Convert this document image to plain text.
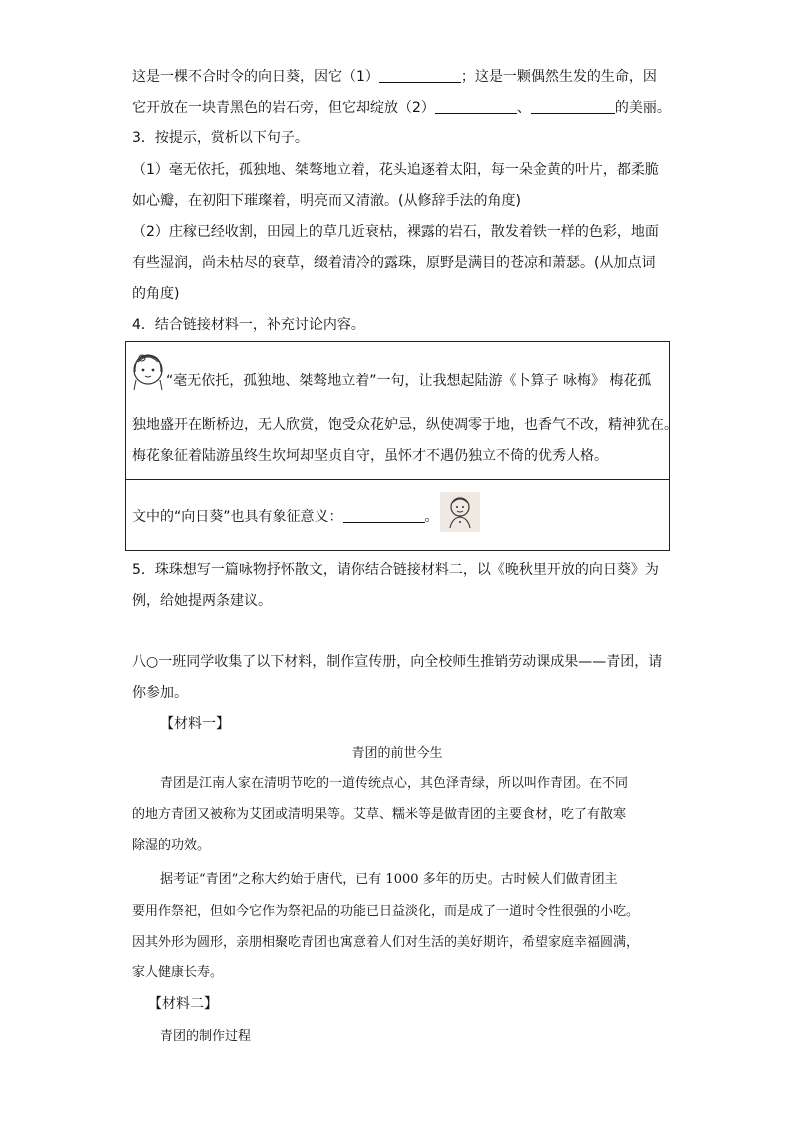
这是一棵不合时令的向日葵，因它（1）	；这是一颗偶然生发的生命，因
它开放在一块青黑色的岩石旁，但它却绽放（2）	、	的美丽。
3．按提示，赏析以下句子。
（1）毫无依托，孤独地、桀骜地立着，花头追逐着太阳，每一朵金黄的叶片，都柔脆
如心瓣，在初阳下璀璨着，明亮而又清澈。(从修辞手法的角度)
（2）庄稼已经收割，田园上的草几近衰枯，裸露的岩石，散发着铁一样的色彩，地面
有些湿润，尚未枯尽的衰草，缀着清冷的露珠，原野是满目的苍凉和萧瑟。(从加点词
的角度)
4．结合链接材料一，补充讨论内容。
“毫无依托，孤独地、桀骜地立着”一句，让我想起陆游《卜算子 咏梅》 梅花孤
独地盛开在断桥边，无人欣赏，饱受众花妒忌，纵使凋零于地，也香气不改，精神犹在。
梅花象征着陆游虽终生坎坷却坚贞自守，虽怀才不遇仍独立不倚的优秀人格。
文中的“向日葵”也具有象征意义：	。
5．珠珠想写一篇咏物抒怀散文，请你结合链接材料二，以《晚秋里开放的向日葵》为
例，给她提两条建议。
八○一班同学收集了以下材料，制作宣传册，向全校师生推销劳动课成果——青团，请
你参加。
【材料一】
青团的前世今生
青团是江南人家在清明节吃的一道传统点心，其色泽青绿，所以叫作青团。在不同
的地方青团又被称为艾团或清明果等。艾草、糯米等是做青团的主要食材，吃了有散寒
除湿的功效。
据考证“青团”之称大约始于唐代，已有 1000 多年的历史。古时候人们做青团主
要用作祭祀，但如今它作为祭祀品的功能已日益淡化，而是成了一道时令性很强的小吃。
因其外形为圆形，亲朋相聚吃青团也寓意着人们对生活的美好期许，希望家庭幸福圆满，
家人健康长寿。
【材料二】
青团的制作过程
